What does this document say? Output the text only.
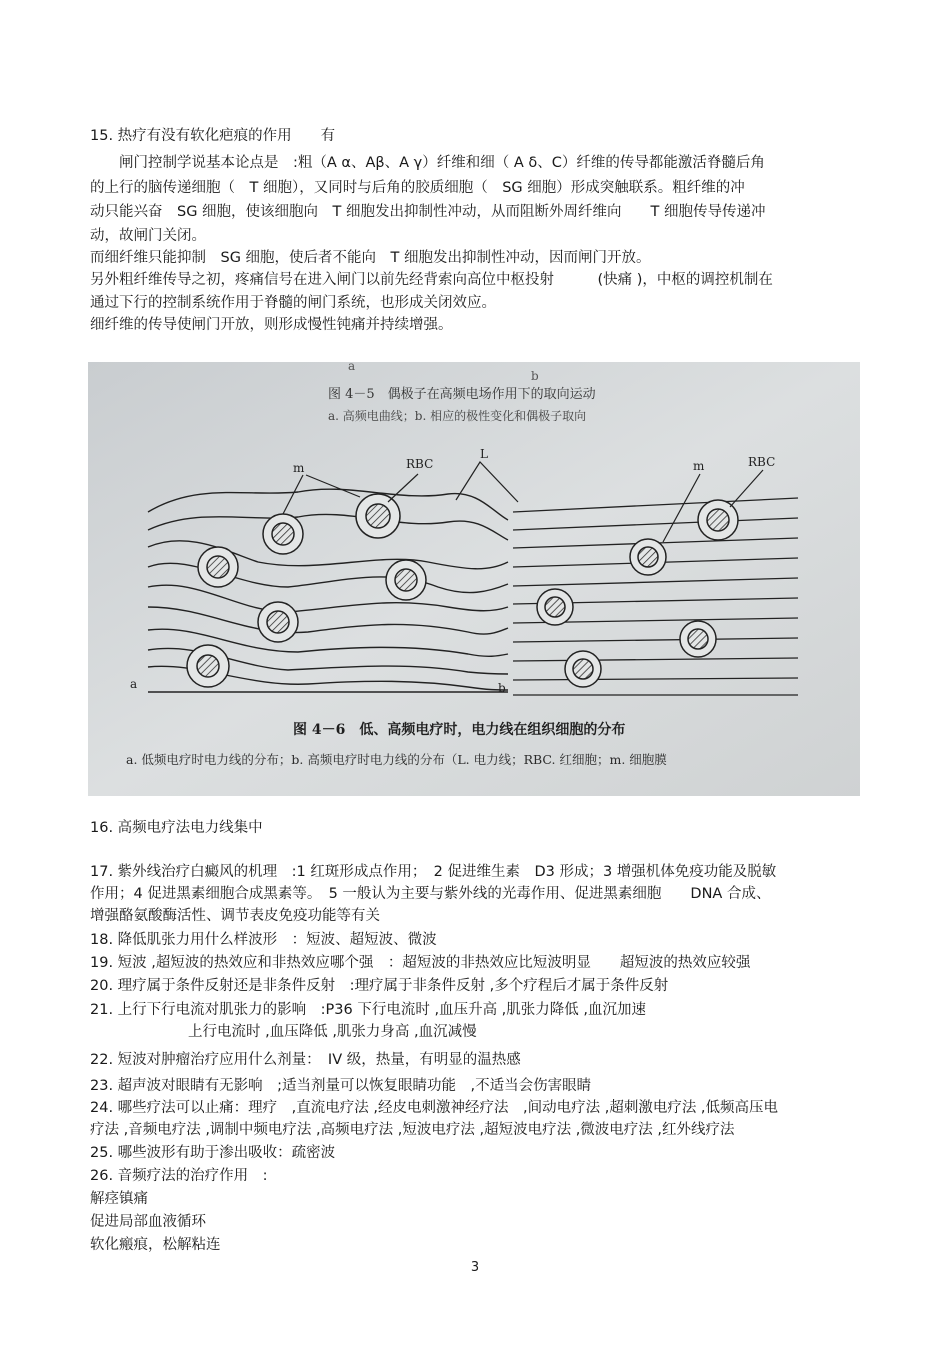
15. 热疗有没有软化疤痕的作用　　有
　　闸门控制学说基本论点是　:粗（A α、Aβ、A γ）纤维和细（ A δ、C）纤维的传导都能激活脊髓后角
的上行的脑传递细胞（　T 细胞），又同时与后角的胶质细胞（　SG 细胞）形成突触联系。粗纤维的冲
动只能兴奋　SG 细胞，使该细胞向　T 细胞发出抑制性冲动，从而阻断外周纤维向　　T 细胞传导传递冲
动，故闸门关闭。
而细纤维只能抑制　SG 细胞，使后者不能向　T 细胞发出抑制性冲动，因而闸门开放。
另外粗纤维传导之初，疼痛信号在进入闸门以前先经背索向高位中枢投射　　　(快痛 )，中枢的调控机制在
通过下行的控制系统作用于脊髓的闸门系统，也形成关闭效应。
细纤维的传导使闸门开放，则形成慢性钝痛并持续增强。
a
b
图 4－5　偶极子在高频电场作用下的取向运动
a. 高频电曲线；b. 相应的极性变化和偶极子取向
m	RBC
L
m	RBC
a	b
图 4－6　低、高频电疗时，电力线在组织细胞的分布
a. 低频电疗时电力线的分布；b. 高频电疗时电力线的分布（L. 电力线；RBC. 红细胞；m. 细胞膜
16. 高频电疗法电力线集中
17. 紫外线治疗白癜风的机理　:1 红斑形成点作用；　2 促进维生素　D3 形成；3 增强机体免疫功能及脱敏
作用；4 促进黑素细胞合成黑素等。　5 一般认为主要与紫外线的光毒作用、促进黑素细胞　　DNA 合成、
增强酪氨酸酶活性、调节表皮免疫功能等有关
18. 降低肌张力用什么样波形　：短波、超短波、微波
19. 短波 ,超短波的热效应和非热效应哪个强　：超短波的非热效应比短波明显　　超短波的热效应较强
20. 理疗属于条件反射还是非条件反射　:理疗属于非条件反射 ,多个疗程后才属于条件反射
21. 上行下行电流对肌张力的影响　:P36 下行电流时 ,血压升高 ,肌张力降低 ,血沉加速
上行电流时 ,血压降低 ,肌张力身高 ,血沉减慢
22. 短波对肿瘤治疗应用什么剂量：　IV 级，热量，有明显的温热感
23. 超声波对眼睛有无影响　;适当剂量可以恢复眼睛功能　,不适当会伤害眼睛
24. 哪些疗法可以止痛：理疗　,直流电疗法 ,经皮电刺激神经疗法　,间动电疗法 ,超刺激电疗法 ,低频高压电
疗法 ,音频电疗法 ,调制中频电疗法 ,高频电疗法 ,短波电疗法 ,超短波电疗法 ,微波电疗法 ,红外线疗法
25. 哪些波形有助于渗出吸收：疏密波
26. 音频疗法的治疗作用　:
解痉镇痛
促进局部血液循环
软化瘢痕，松解粘连
3
